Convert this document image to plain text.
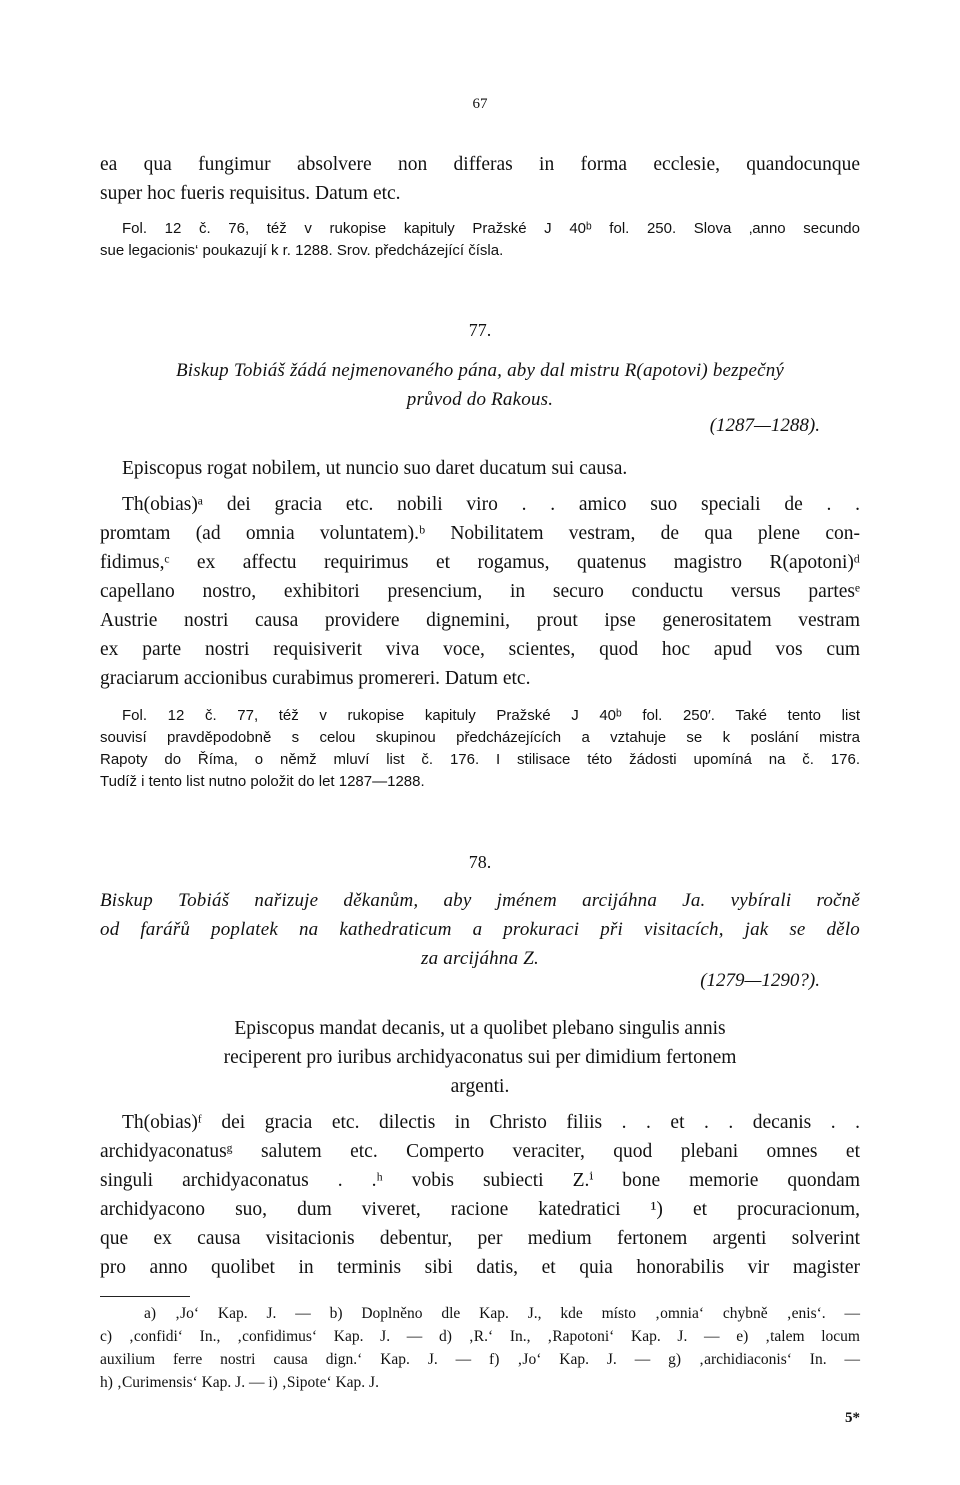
67

ea qua fungimur absolvere non differas in forma ecclesie, quandocunque
super hoc fueris requisitus. Datum etc.

Fol. 12 č. 76, též v rukopise kapituly Pražské J 40ᵇ fol. 250. Slova ‚anno secundo
sue legacionis‘ poukazují k r. 1288. Srov. předcházející čísla.

77.

Biskup Tobiáš žádá nejmenovaného pána, aby dal mistru R(apotovi) bezpečný
průvod do Rakous.

(1287—1288).

Episcopus rogat nobilem, ut nuncio suo daret ducatum sui causa.

Th(obias)ᵃ dei gracia etc. nobili viro . . amico suo speciali de . .
promtam (ad omnia voluntatem).ᵇ Nobilitatem vestram, de qua plene con-
fidimus,ᶜ ex affectu requirimus et rogamus, quatenus magistro R(apotoni)ᵈ
capellano nostro, exhibitori presencium, in securo conductu versus partesᵉ
Austrie nostri causa providere dignemini, prout ipse generositatem vestram
ex parte nostri requisiverit viva voce, scientes, quod hoc apud vos cum
graciarum accionibus curabimus promereri. Datum etc.

Fol. 12 č. 77, též v rukopise kapituly Pražské J 40ᵇ fol. 250′. Také tento list
souvisí pravděpodobně s celou skupinou předcházejících a vztahuje se k poslání mistra
Rapoty do Říma, o němž mluví list č. 176. I stilisace této žádosti upomíná na č. 176.
Tudíž i tento list nutno položit do let 1287—1288.

78.

Biskup Tobiáš nařizuje děkanům, aby jménem arcijáhna Ja. vybírali ročně
od farářů poplatek na kathedraticum a prokuraci při visitacích, jak se dělo
za arcijáhna Z.

(1279—1290?).

Episcopus mandat decanis, ut a quolibet plebano singulis annis
reciperent pro iuribus archidyaconatus sui per dimidium fertonem
argenti.

Th(obias)ᶠ dei gracia etc. dilectis in Christo filiis . . et . . decanis . .
archidyaconatusᵍ salutem etc. Comperto veraciter, quod plebani omnes et
singuli archidyaconatus . .ʰ vobis subiecti Z.ⁱ bone memorie quondam
archidyacono suo, dum viveret, racione katedratici ¹) et procuracionum,
que ex causa visitacionis debentur, per medium fertonem argenti solverint
pro anno quolibet in terminis sibi datis, et quia honorabilis vir magister

a) ‚Jo‘ Kap. J. — b) Doplněno dle Kap. J., kde místo ‚omnia‘ chybně ‚enis‘. —
c) ‚confidi‘ In., ‚confidimus‘ Kap. J. — d) ‚R.‘ In., ‚Rapotoni‘ Kap. J. — e) ‚talem locum
auxilium ferre nostri causa dign.‘ Kap. J. — f) ‚Jo‘ Kap. J. — g) ‚archidiaconis‘ In. —
h) ‚Curimensis‘ Kap. J. — i) ‚Sipote‘ Kap. J.

5*
